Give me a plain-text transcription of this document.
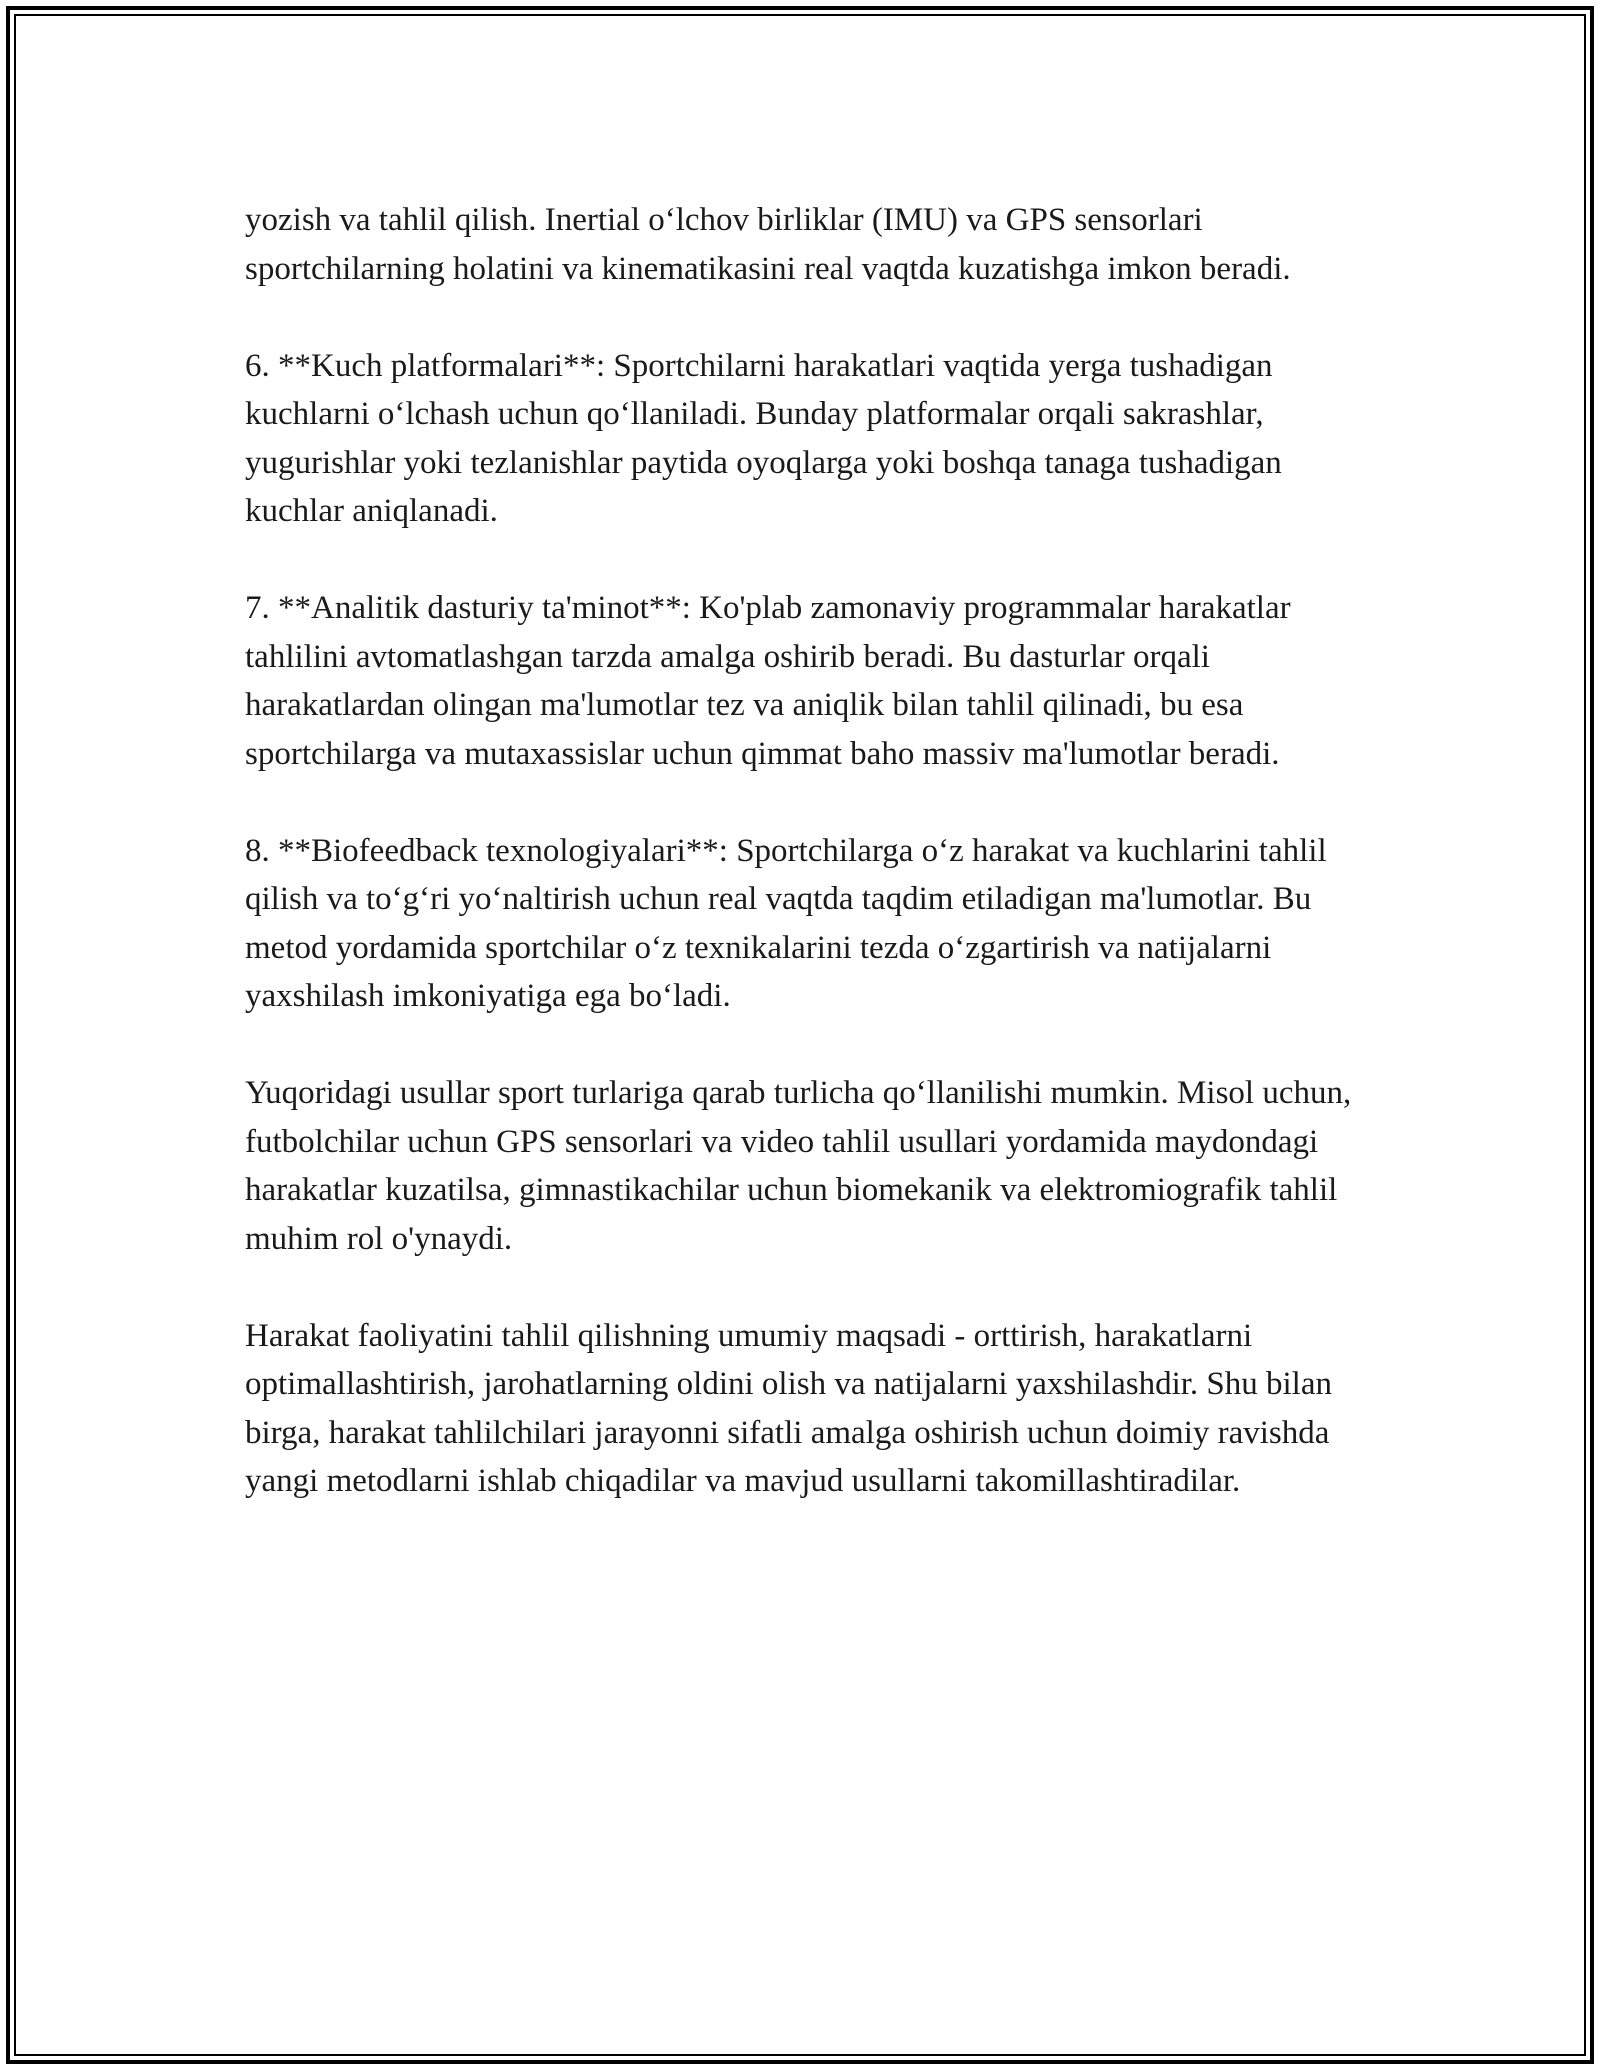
yozish va tahlil qilish. Inertial o‘lchov birliklar (IMU) va GPS sensorlari sportchilarning holatini va kinematikasini real vaqtda kuzatishga imkon beradi.

6. **Kuch platformalari**: Sportchilarni harakatlari vaqtida yerga tushadigan kuchlarni o‘lchash uchun qo‘llaniladi. Bunday platformalar orqali sakrashlar, yugurishlar yoki tezlanishlar paytida oyoqlarga yoki boshqa tanaga tushadigan kuchlar aniqlanadi.

7. **Analitik dasturiy ta'minot**: Ko'plab zamonaviy programmalar harakatlar tahlilini avtomatlashgan tarzda amalga oshirib beradi. Bu dasturlar orqali harakatlardan olingan ma'lumotlar tez va aniqlik bilan tahlil qilinadi, bu esa sportchilarga va mutaxassislar uchun qimmat baho massiv ma'lumotlar beradi.

8. **Biofeedback texnologiyalari**: Sportchilarga o‘z harakat va kuchlarini tahlil qilish va to‘g‘ri yo‘naltirish uchun real vaqtda taqdim etiladigan ma'lumotlar. Bu metod yordamida sportchilar o‘z texnikalarini tezda o‘zgartirish va natijalarni yaxshilash imkoniyatiga ega bo‘ladi.

Yuqoridagi usullar sport turlariga qarab turlicha qo‘llanilishi mumkin. Misol uchun, futbolchilar uchun GPS sensorlari va video tahlil usullari yordamida maydondagi harakatlar kuzatilsa, gimnastikachilar uchun biomekanik va elektromiografik tahlil muhim rol o'ynaydi.

Harakat faoliyatini tahlil qilishning umumiy maqsadi - orttirish, harakatlarni optimallashtirish, jarohatlarning oldini olish va natijalarni yaxshilashdir. Shu bilan birga, harakat tahlilchilari jarayonni sifatli amalga oshirish uchun doimiy ravishda yangi metodlarni ishlab chiqadilar va mavjud usullarni takomillashtiradilar.
